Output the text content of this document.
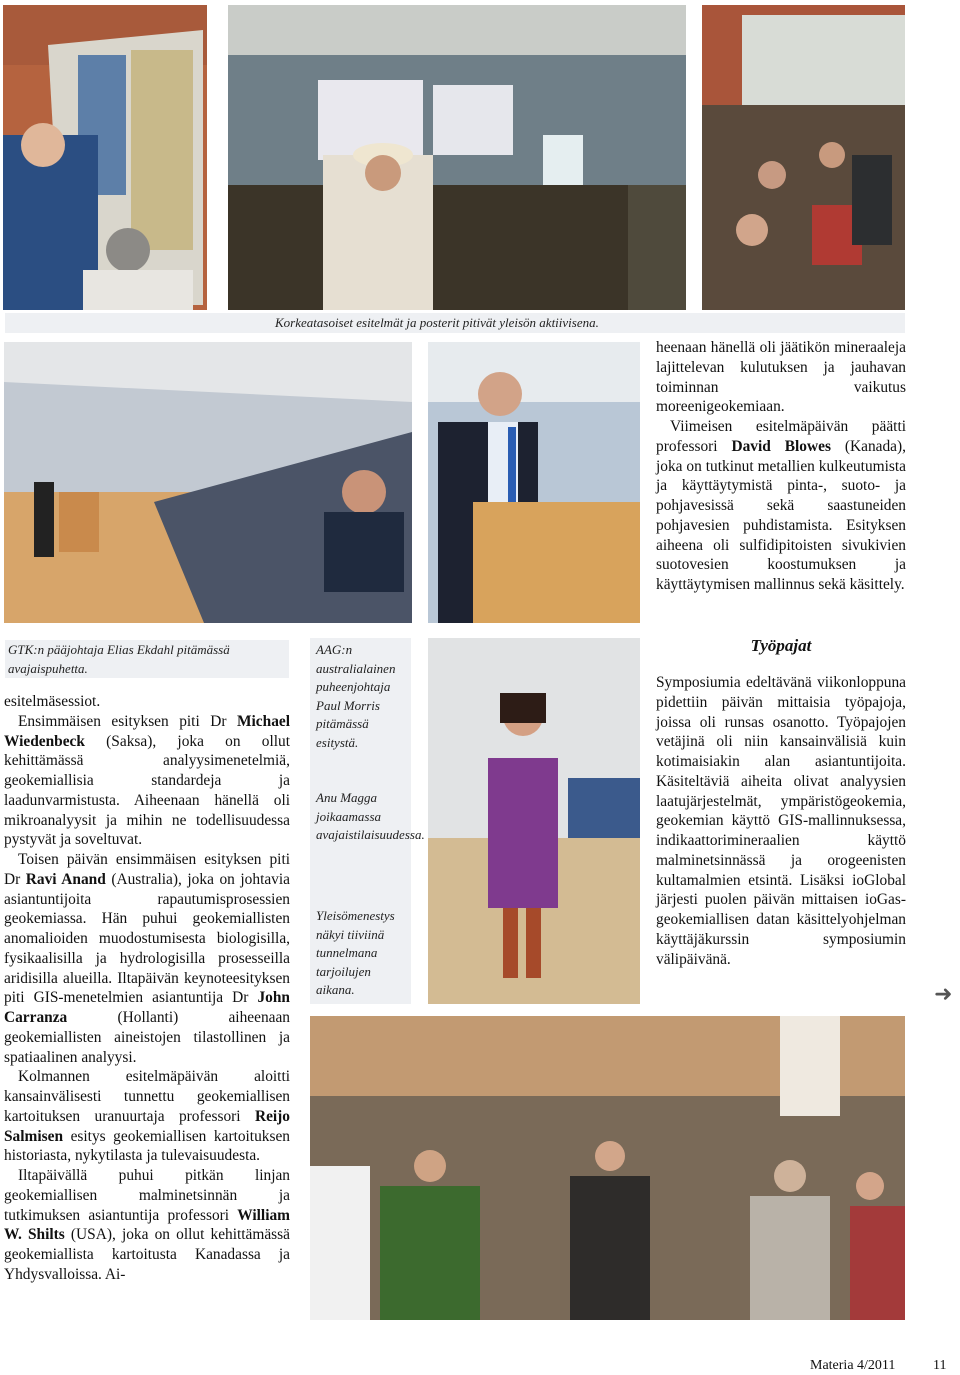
Korkeatasoiset esitelmät ja posterit pitivät yleisön aktiivisena.

heenaan hänellä oli jäätikön mineraaleja lajittelevan kulutuksen ja jauhavan toiminnan vaikutus moreenigeokemiaan.

Viimeisen esitelmäpäivän päätti professori David Blowes (Kanada), joka on tutkinut metallien kulkeutumista ja käyttäytymistä pinta-, suoto- ja pohjavesissä sekä saastuneiden pohjavesien puhdistamista. Esityksen aiheena oli sulfidipitoisten sivukivien suotovesien koostumuksen ja käyttäytymisen mallinnus sekä käsittely.

GTK:n pääjohtaja Elias Ekdahl pitämässä avajaispuhetta.

esitelmäsessiot.

Ensimmäisen esityksen piti Dr Michael Wiedenbeck (Saksa), joka on ollut kehittämässä analyysimenetelmiä, geokemiallisia standardeja ja laadunvarmistusta. Aiheenaan hänellä oli mikroanalyysit ja mihin ne todellisuudessa pystyvät ja soveltuvat.

Toisen päivän ensimmäisen esityksen piti Dr Ravi Anand (Australia), joka on johtavia asiantuntijoita rapautumisprosessien geokemiassa. Hän puhui geokemiallisten anomalioiden muodostumisesta biologisilla, fysikaalisilla ja hydrologisilla prosesseilla aridisilla alueilla. Iltapäivän keynoteesityksen piti GIS-menetelmien asiantuntija Dr John Carranza (Hollanti) aiheenaan geokemiallisten aineistojen tilastollinen ja spatiaalinen analyysi.

Kolmannen esitelmäpäivän aloitti kansainvälisesti tunnettu geokemiallisen kartoituksen uranuurtaja professori Reijo Salmisen esitys geokemiallisen kartoituksen historiasta, nykytilasta ja tulevaisuudesta.

Iltapäivällä puhui pitkän linjan geokemiallisen malminetsinnän ja tutkimuksen asiantuntija professori William W. Shilts (USA), joka on ollut kehittämässä geokemiallista kartoitusta Kanadassa ja Yhdysvalloissa. Ai-

AAG:n australialainen puheenjohtaja Paul Morris pitämässä esitystä.
Anu Magga joikaamassa avajaistilaisuudessa.
Yleisömenestys näkyi tiiviinä tunnelmana tarjoilujen aikana.
Työpajat

Symposiumia edeltävänä viikonloppuna pidettiin päivän mittaisia työpajoja, joissa oli runsas osanotto. Työpajojen vetäjinä oli niin kansainvälisiä kuin kotimaisiakin alan asiantuntijoita. Käsiteltäviä aiheita olivat analyysien laatujärjestelmät, ympäristögeokemia, geokemian käyttö GIS-mallinnuksessa, indikaattorimineraalien käyttö malminetsinnässä ja orogeenisten kultamalmien etsintä. Lisäksi ioGlobal järjesti puolen päivän mittaisen ioGas-geokemiallisen datan käsittelyohjelman käyttäjäkurssin symposiumin välipäivänä.

➜
Materia 4/2011	11
